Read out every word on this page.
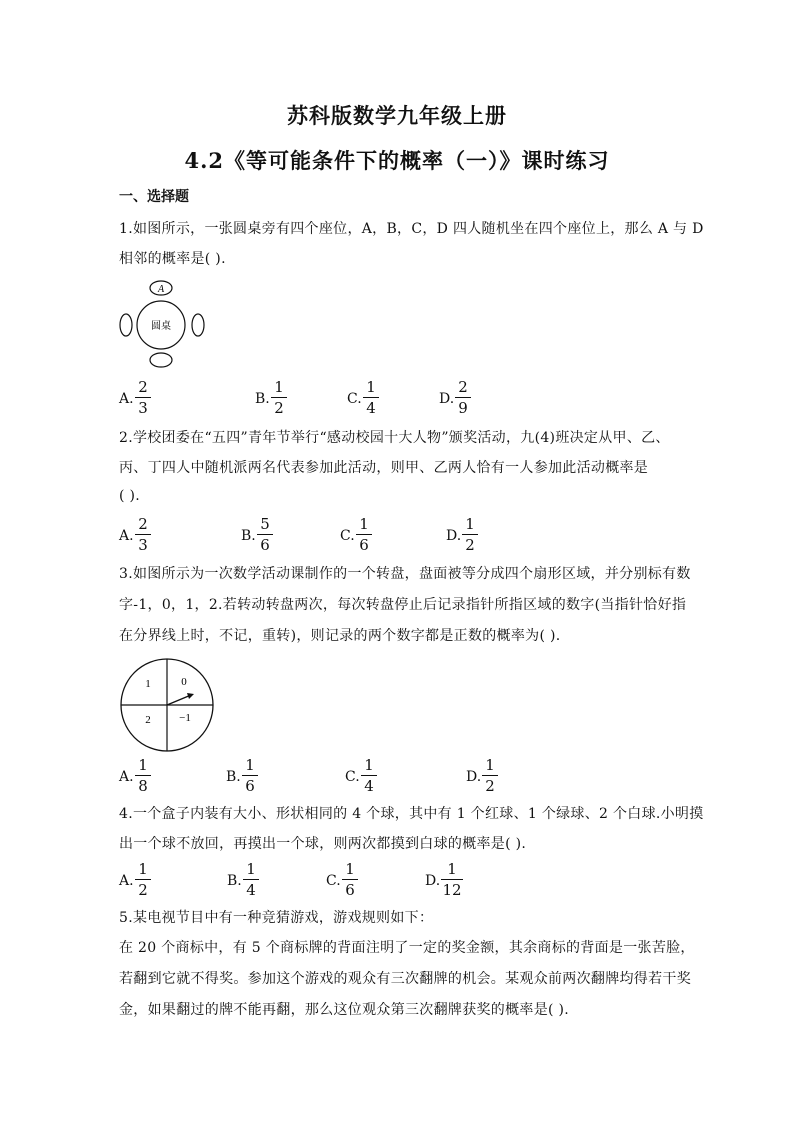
苏科版数学九年级上册
4.2《等可能条件下的概率（一）》课时练习
一、选择题
1.如图所示，一张圆桌旁有四个座位，A，B，C，D 四人随机坐在四个座位上，那么 A 与 D
相邻的概率是( ).
A
圆桌
A.
2
3	B.
1
2	C.
1
4	D.
2
9
2.学校团委在“五四”青年节举行“感动校园十大人物”颁奖活动，九(4)班决定从甲、乙、
丙、丁四人中随机派两名代表参加此活动，则甲、乙两人恰有一人参加此活动概率是
( ).
A.
2
3	B.
5
6	C.
1
6	D.
1
2
3.如图所示为一次数学活动课制作的一个转盘，盘面被等分成四个扇形区域，并分别标有数
字-1，0，1，2.若转动转盘两次，每次转盘停止后记录指针所指区域的数字(当指针恰好指
在分界线上时，不记，重转)，则记录的两个数字都是正数的概率为( ).
1	0
2	−1
A.
1
8	B.
1
6	C.
1
4	D.
1
2
4.一个盒子内装有大小、形状相同的 4 个球，其中有 1 个红球、1 个绿球、2 个白球.小明摸
出一个球不放回，再摸出一个球，则两次都摸到白球的概率是( ).
A.
1
2	B.
1
4	C.
1
6	D.
1
12
5.某电视节目中有一种竞猜游戏，游戏规则如下：
在 20 个商标中，有 5 个商标牌的背面注明了一定的奖金额，其余商标的背面是一张苦脸，
若翻到它就不得奖。参加这个游戏的观众有三次翻牌的机会。某观众前两次翻牌均得若干奖
金，如果翻过的牌不能再翻，那么这位观众第三次翻牌获奖的概率是( ).
